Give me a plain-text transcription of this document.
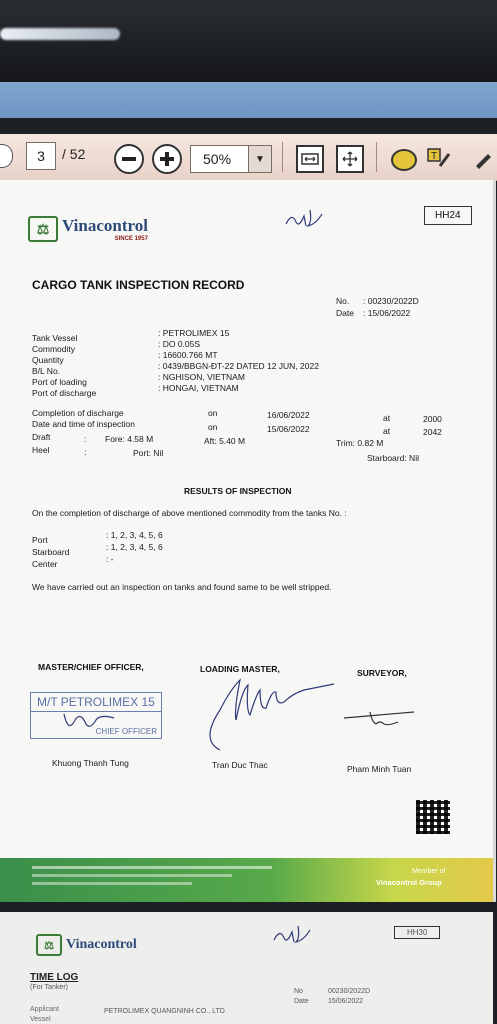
3 / 52	50%	▼	T
⚖ Vinacontrol
SINCE 1957
HH24
CARGO TANK INSPECTION RECORD
No. : 00230/2022D
Date : 15/06/2022
Tank Vessel	: PETROLIMEX 15
Commodity	: DO 0.05S
Quantity	: 16600.766 MT
B/L No.	: 0439/BBGN-ĐT-22 DATED 12 JUN, 2022
Port of loading	: NGHISON, VIETNAM
Port of discharge	: HONGAI, VIETNAM
Completion of discharge	on	16/06/2022	at	2000
Date and time of inspection	on	15/06/2022	at	2042
Draft	: Fore: 4.58 M	Aft: 5.40 M	Trim: 0.82 M
Heel	:	Port: Nil	Starboard: Nil
RESULTS OF INSPECTION
On the completion of discharge of above mentioned commodity from the tanks No. :
Port	: 1, 2, 3, 4, 5, 6
Starboard	: 1, 2, 3, 4, 5, 6
Center	: -
We have carried out an inspection on tanks and found same to be well stripped.
MASTER/CHIEF OFFICER,	LOADING MASTER,	SURVEYOR,
M/T PETROLIMEX 15
CHIEF OFFICER
Khuong Thanh Tung	Tran Duc Thac	Pham Minh Tuan
Member of
Vinacontrol Group
⚖ Vinacontrol
HH30
TIME LOG
(For Tanker)
No	00230/2022D
Date	15/06/2022
Applicant	PETROLIMEX QUANGNINH CO., LTD
Vessel
